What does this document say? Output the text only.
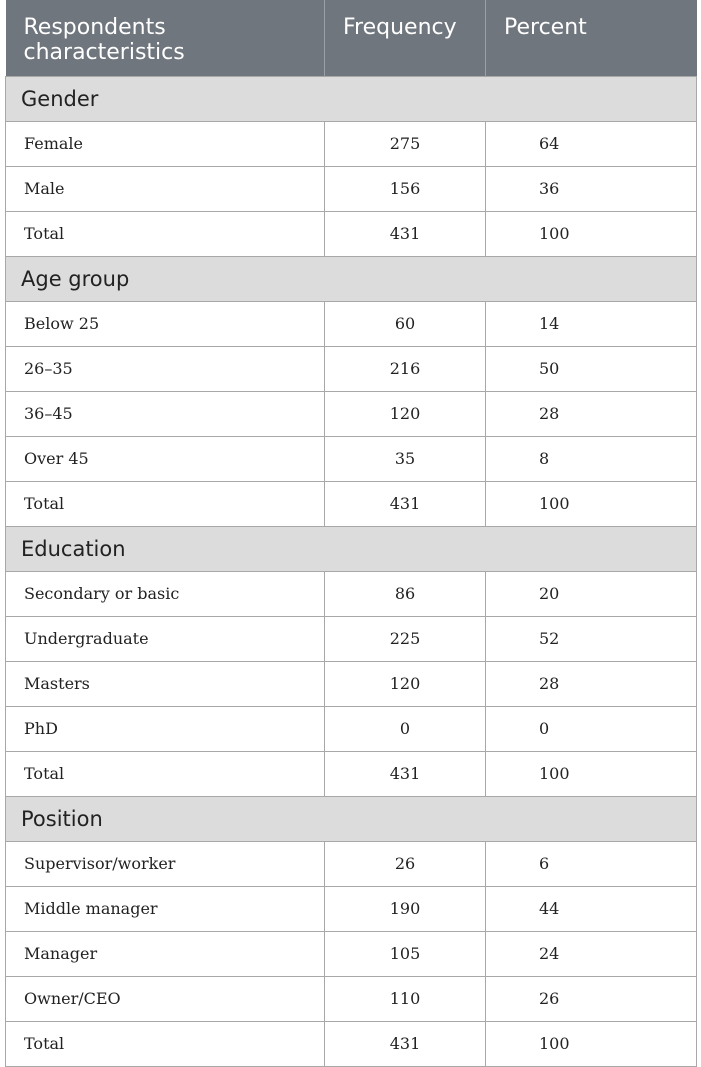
Respondents characteristics	Frequency	Percent
Gender		
Female	275	64
Male	156	36
Total	431	100
Age group		
Below 25	60	14
26–35	216	50
36–45	120	28
Over 45	35	8
Total	431	100
Education		
Secondary or basic	86	20
Undergraduate	225	52
Masters	120	28
PhD	0	0
Total	431	100
Position		
Supervisor/worker	26	6
Middle manager	190	44
Manager	105	24
Owner/CEO	110	26
Total	431	100
